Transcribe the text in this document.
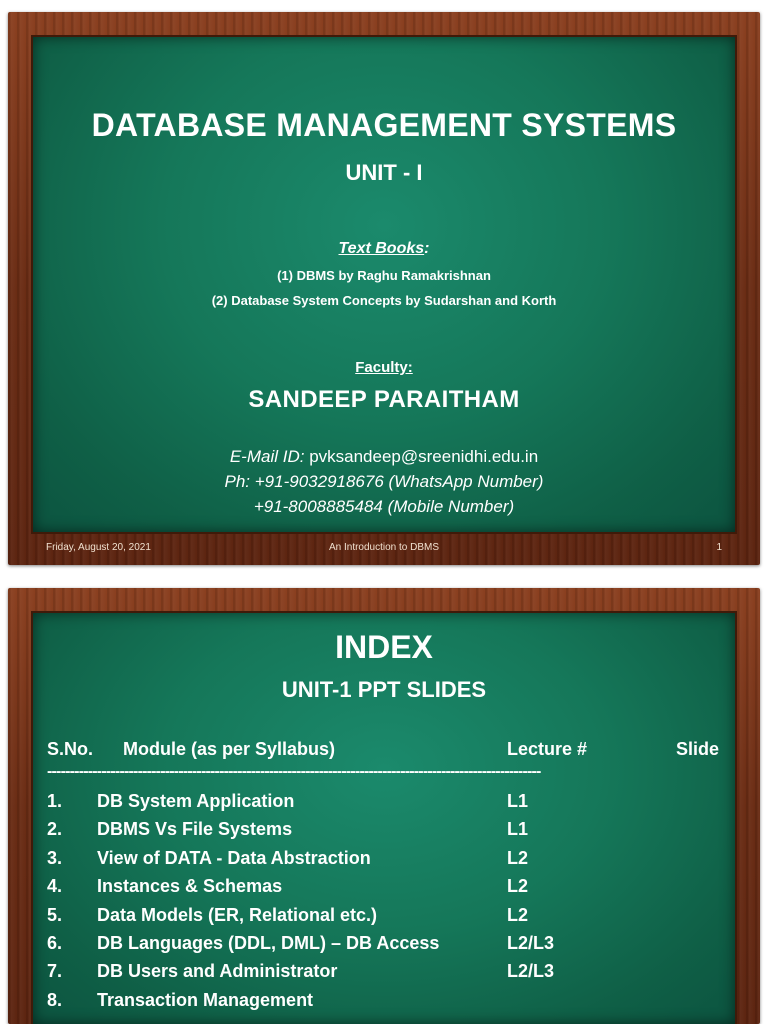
DATABASE MANAGEMENT SYSTEMS
UNIT - I
Text Books:
(1) DBMS by Raghu Ramakrishnan
(2) Database System Concepts by Sudarshan and Korth
Faculty:
SANDEEP PARAITHAM
E-Mail ID: pvksandeep@sreenidhi.edu.in
Ph: +91-9032918676 (WhatsApp Number)
+91-8008885484 (Mobile Number)
Friday, August 20, 2021	An Introduction to DBMS	1
INDEX
UNIT-1 PPT SLIDES
S.No. Module (as per Syllabus)	Lecture #	Slide
-------------------------------------------------------------------------------------------------------------
1. DB System Application	L1
2. DBMS Vs File Systems	L1
3. View of DATA - Data Abstraction	L2
4. Instances & Schemas	L2
5. Data Models (ER, Relational etc.)	L2
6. DB Languages (DDL, DML) – DB Access	L2/L3
7. DB Users and Administrator	L2/L3
8. Transaction Management
